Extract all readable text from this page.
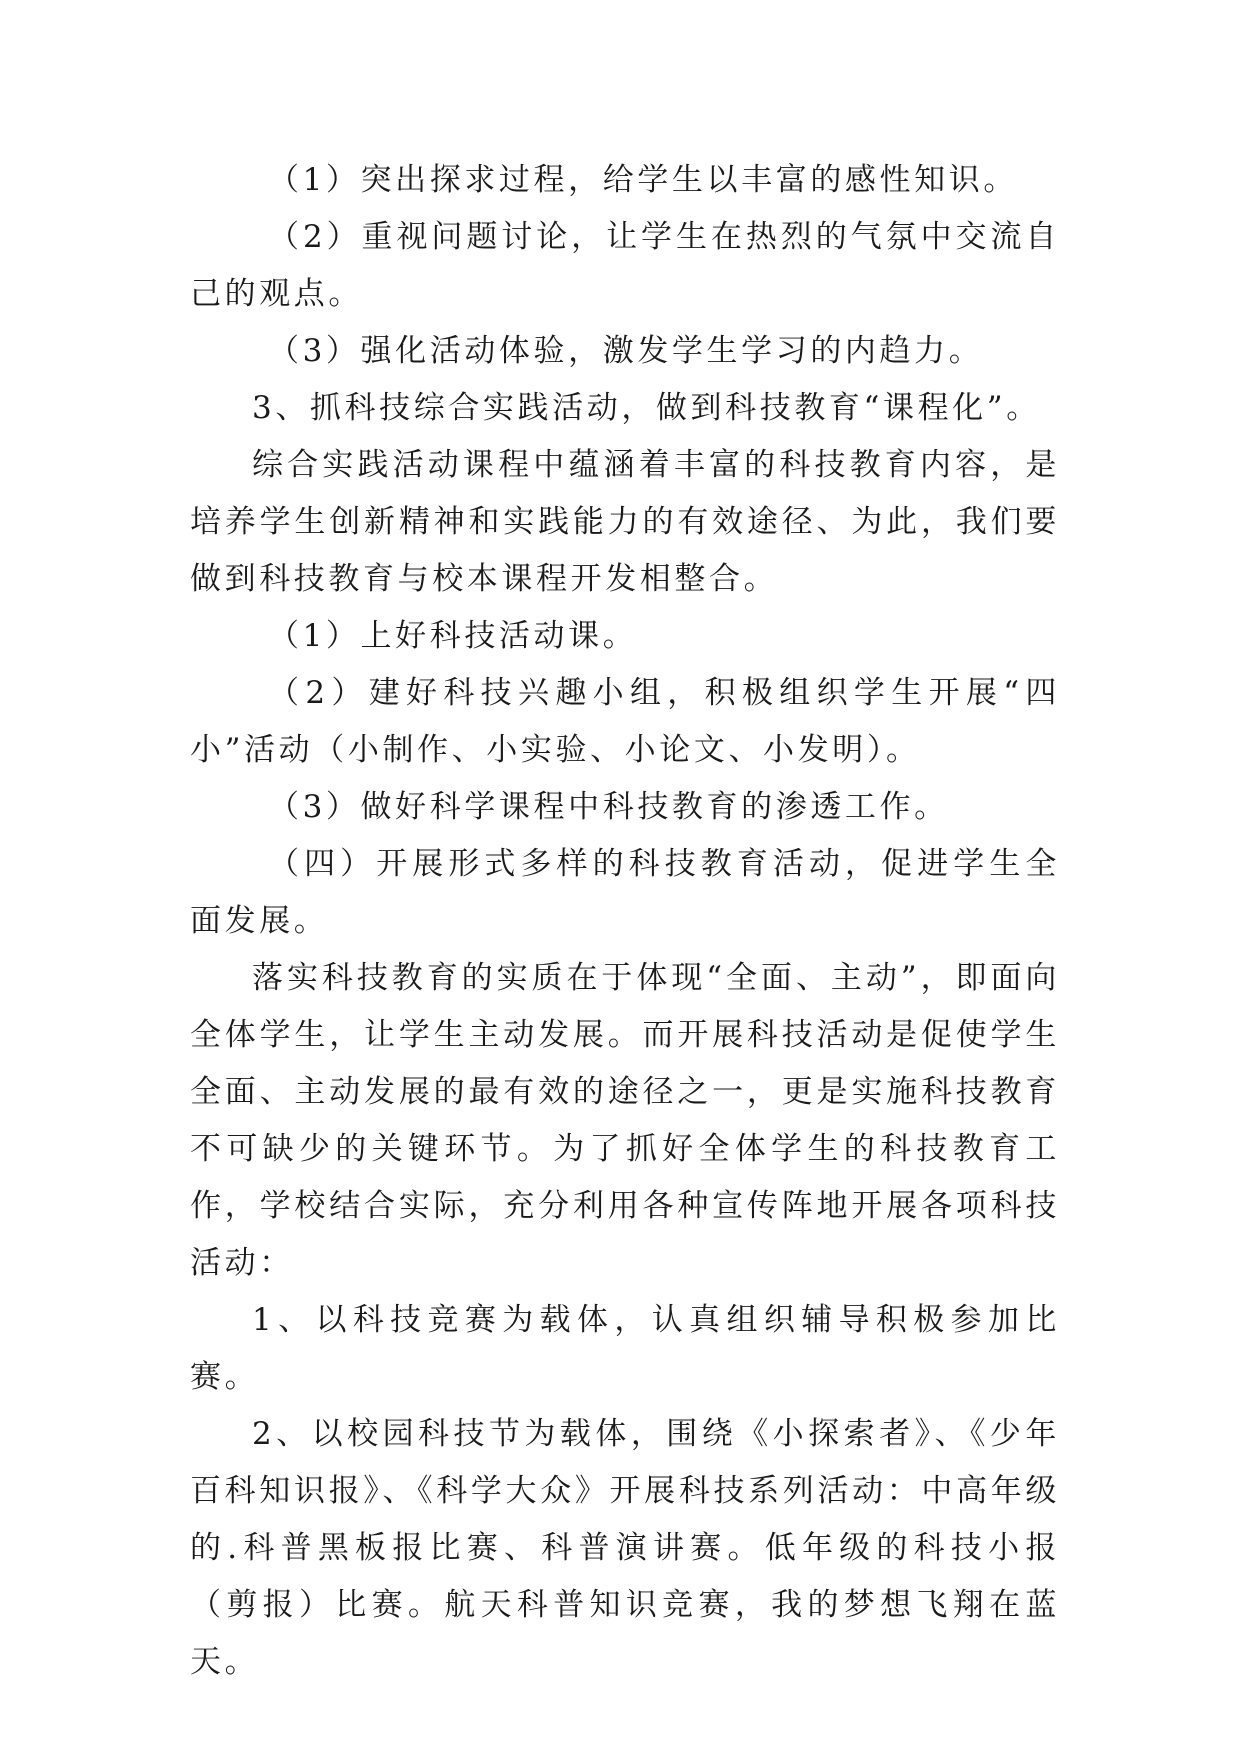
（1）突出探求过程，给学生以丰富的感性知识。

（2）重视问题讨论，让学生在热烈的气氛中交流自己的观点。

（3）强化活动体验，激发学生学习的内趋力。

3、抓科技综合实践活动，做到科技教育“课程化”。

综合实践活动课程中蕴涵着丰富的科技教育内容，是培养学生创新精神和实践能力的有效途径、为此，我们要做到科技教育与校本课程开发相整合。

（1）上好科技活动课。

（2）建好科技兴趣小组，积极组织学生开展“四小”活动（小制作、小实验、小论文、小发明）。

（3）做好科学课程中科技教育的渗透工作。

（四）开展形式多样的科技教育活动，促进学生全面发展。

落实科技教育的实质在于体现“全面、主动”，即面向全体学生，让学生主动发展。而开展科技活动是促使学生全面、主动发展的最有效的途径之一，更是实施科技教育不可缺少的关键环节。为了抓好全体学生的科技教育工作，学校结合实际，充分利用各种宣传阵地开展各项科技活动：

1、以科技竞赛为载体，认真组织辅导积极参加比赛。

2、以校园科技节为载体，围绕《小探索者》、《少年百科知识报》、《科学大众》开展科技系列活动：中高年级的.科普黑板报比赛、科普演讲赛。低年级的科技小报（剪报）比赛。航天科普知识竞赛，我的梦想飞翔在蓝天。
